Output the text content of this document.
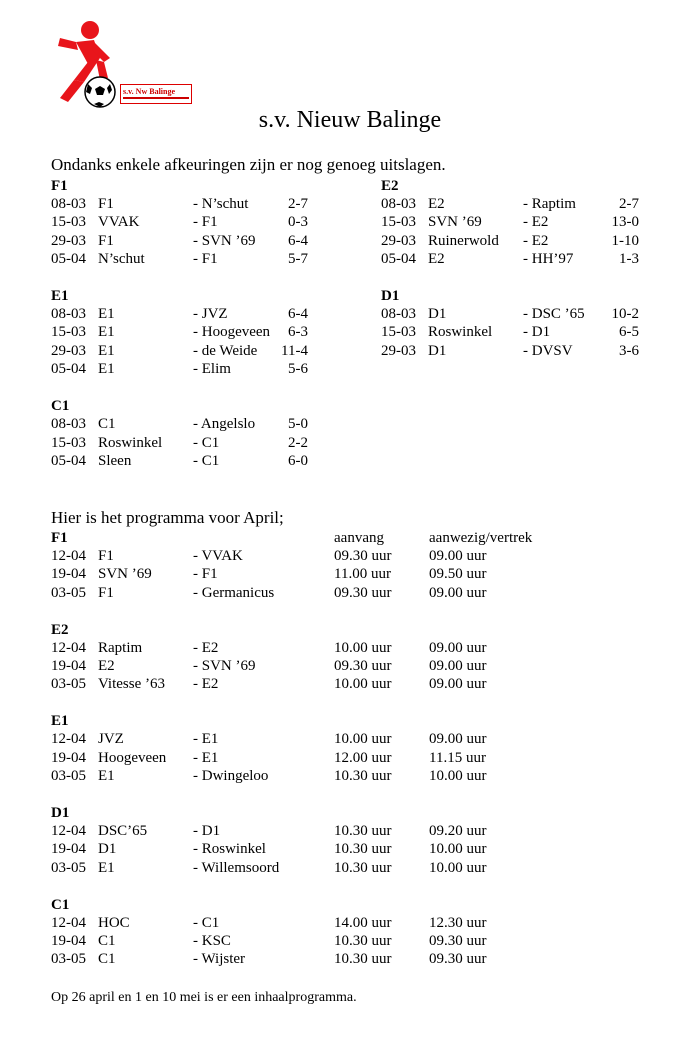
s.v. Nw Balinge
s.v. Nieuw Balinge
Ondanks enkele afkeuringen zijn er nog genoeg uitslagen.
F1
08-03 F1	- N’schut	2-7
15-03 VVAK	- F1	0-3
29-03 F1	- SVN ’69 6-4
05-04 N’schut	- F1	5-7
E1
08-03 E1	- JVZ	6-4
15-03 E1	- Hoogeveen 6-3
29-03 E1	- de Weide 11-4
05-04 E1	- Elim	5-6
C1
08-03 C1	- Angelslo 5-0
15-03 Roswinkel - C1	2-2
05-04 Sleen	- C1	6-0
E2
08-03 E2	- Raptim	2-7
15-03 SVN ’69	- E2	13-0
29-03 Ruinerwold - E2	1-10
05-04 E2	- HH’97	1-3
D1
08-03 D1	- DSC ’65 10-2
15-03 Roswinkel - D1	6-5
29-03 D1	- DVSV	3-6
Hier is het programma voor April;
aanvang	aanwezig/vertrek
F1
12-04 F1	- VVAK	09.30 uur	09.00 uur
19-04 SVN ’69	- F1	11.00 uur	09.50 uur
03-05 F1	- Germanicus	09.30 uur	09.00 uur
E2
12-04 Raptim	- E2	10.00 uur	09.00 uur
19-04 E2	- SVN ’69	09.30 uur	09.00 uur
03-05 Vitesse ’63 - E2	10.00 uur	09.00 uur
E1
12-04 JVZ	- E1	10.00 uur	09.00 uur
19-04 Hoogeveen - E1	12.00 uur	11.15 uur
03-05 E1	- Dwingeloo	10.30 uur	10.00 uur
D1
12-04 DSC’65	- D1	10.30 uur	09.20 uur
19-04 D1	- Roswinkel	10.30 uur	10.00 uur
03-05 E1	- Willemsoord	10.30 uur	10.00 uur
C1
12-04 HOC	- C1	14.00 uur	12.30 uur
19-04 C1	- KSC	10.30 uur	09.30 uur
03-05 C1	- Wijster	10.30 uur	09.30 uur
Op 26 april en 1 en 10 mei is er een inhaalprogramma.
